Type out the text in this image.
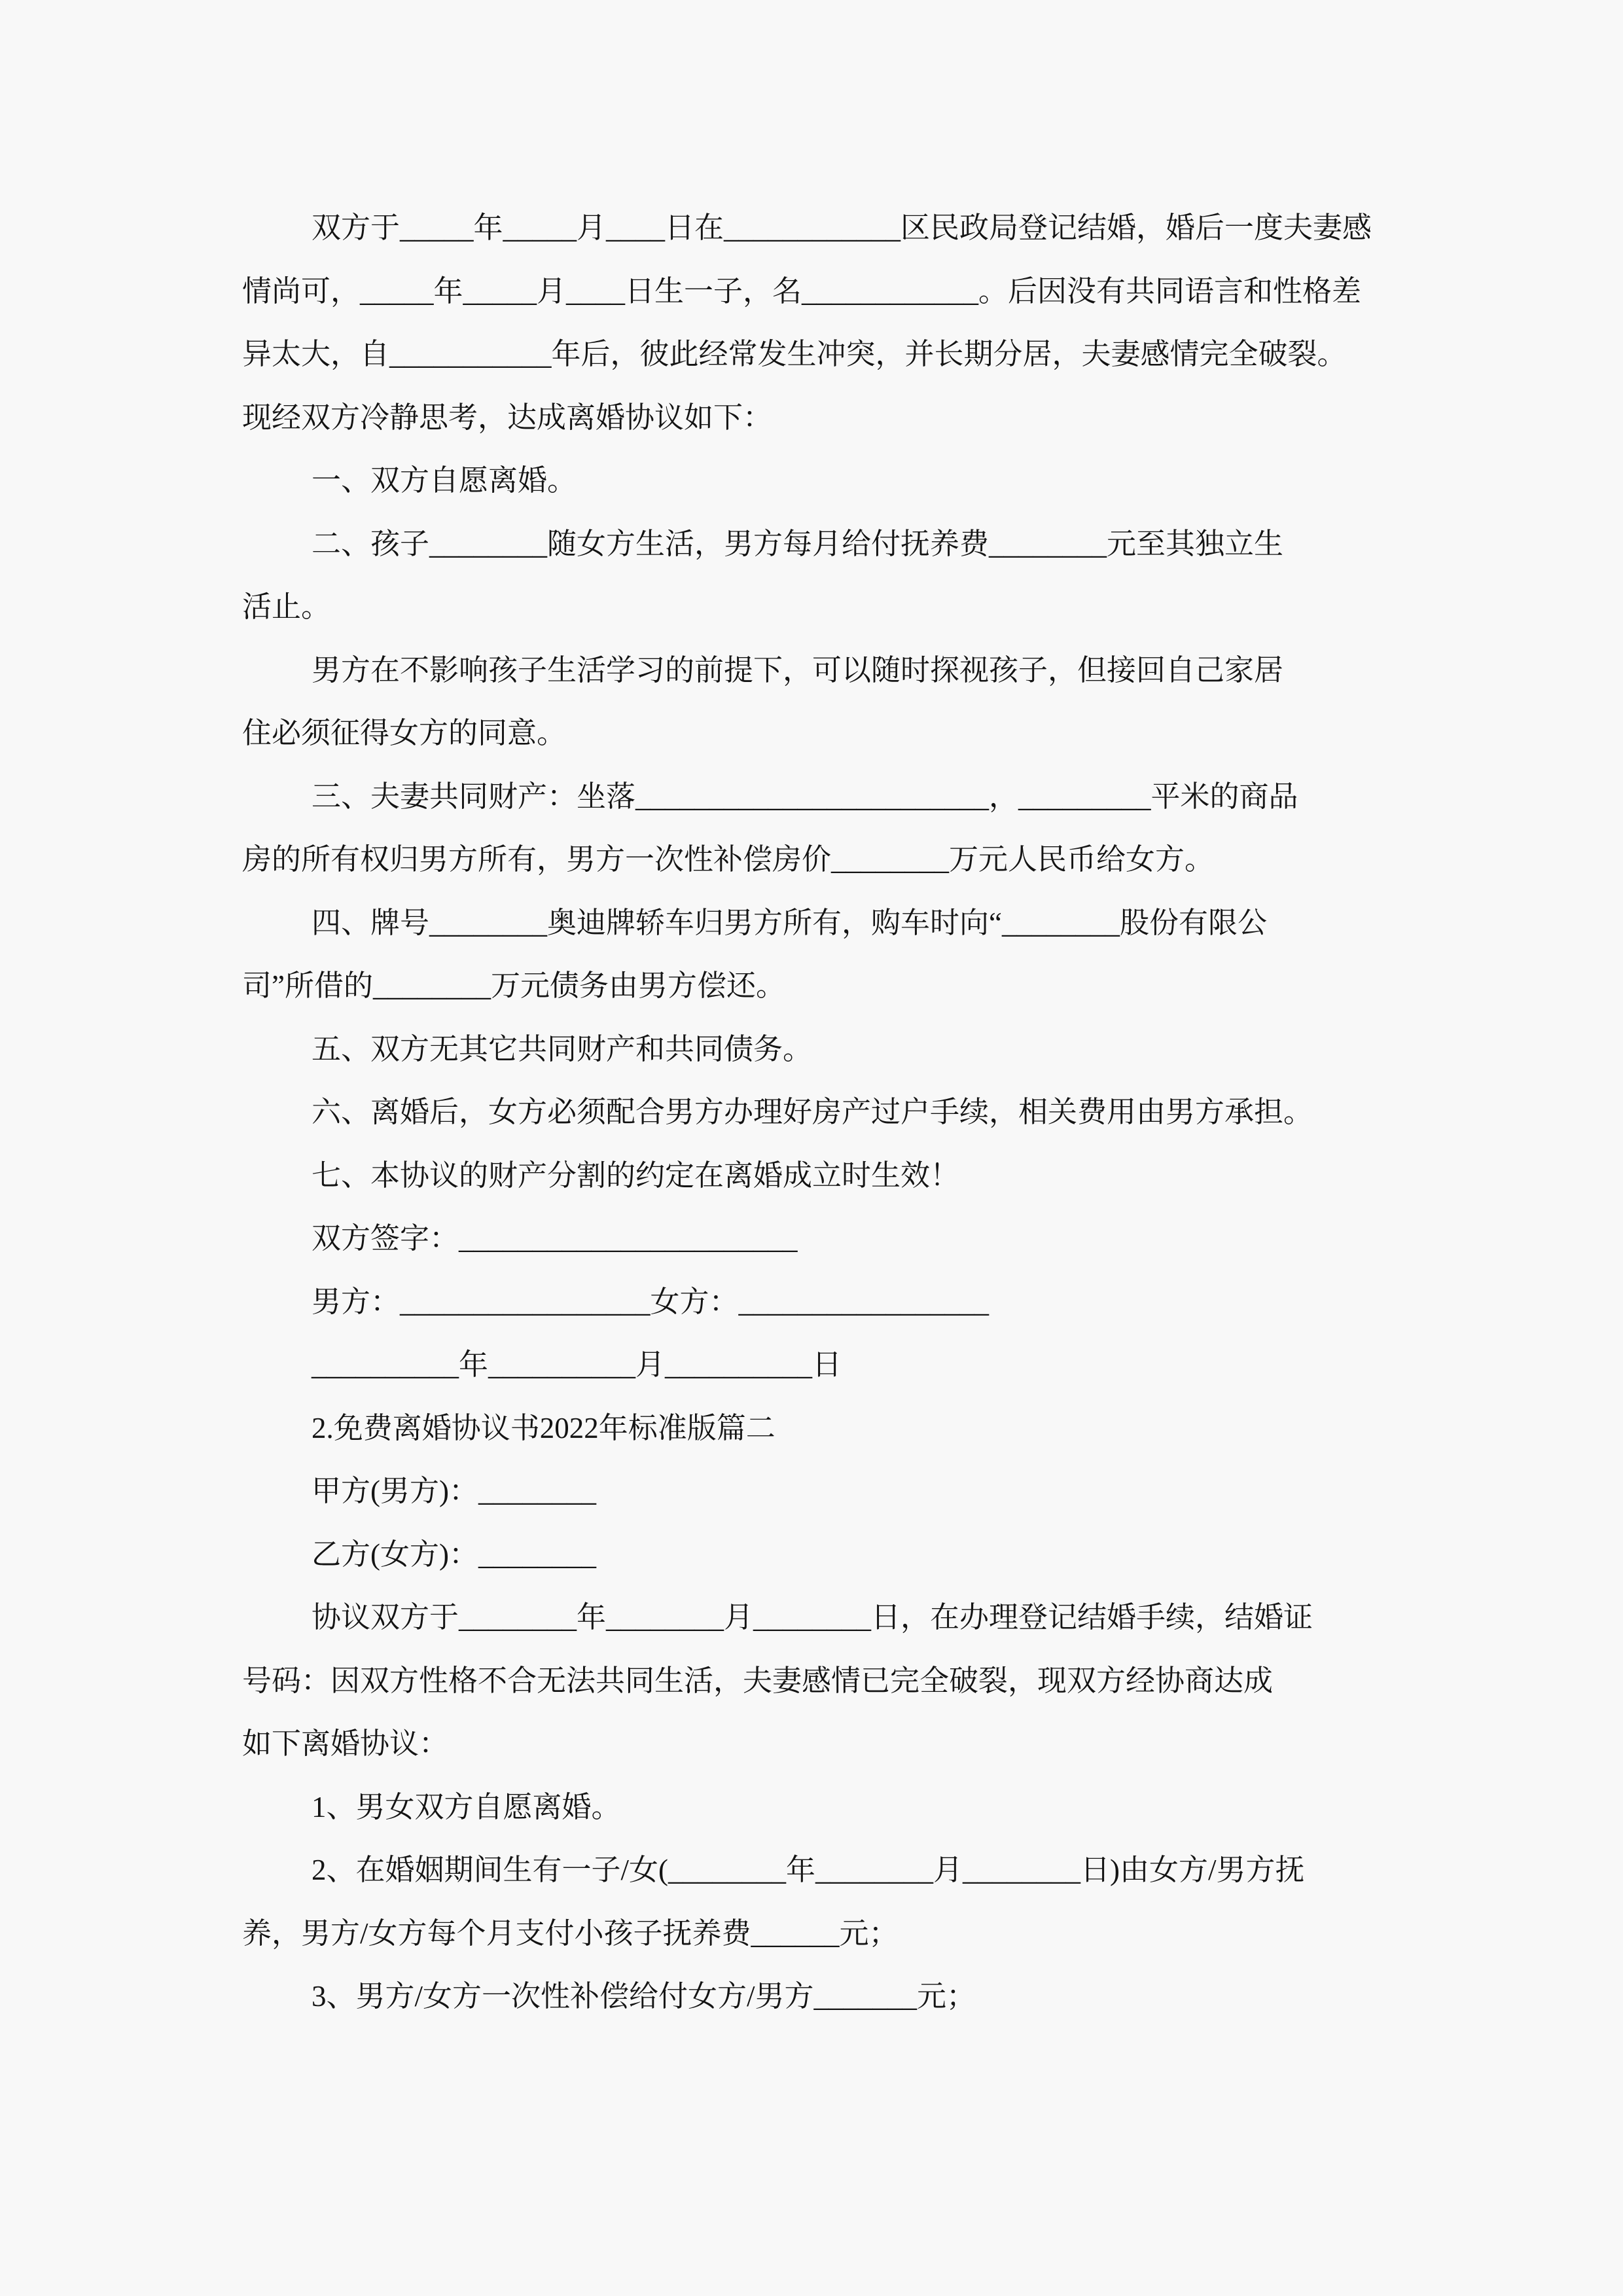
双方于_____年_____月____日在____________区民政局登记结婚，婚后一度夫妻感
情尚可，_____年_____月____日生一子，名____________。后因没有共同语言和性格差
异太大，自___________年后，彼此经常发生冲突，并长期分居，夫妻感情完全破裂。
现经双方冷静思考，达成离婚协议如下：
一、双方自愿离婚。
二、孩子________随女方生活，男方每月给付抚养费________元至其独立生
活止。
男方在不影响孩子生活学习的前提下，可以随时探视孩子，但接回自己家居
住必须征得女方的同意。
三、夫妻共同财产：坐落________________________，_________平米的商品
房的所有权归男方所有，男方一次性补偿房价________万元人民币给女方。
四、牌号________奥迪牌轿车归男方所有，购车时向“________股份有限公
司”所借的________万元债务由男方偿还。
五、双方无其它共同财产和共同债务。
六、离婚后，女方必须配合男方办理好房产过户手续，相关费用由男方承担。
七、本协议的财产分割的约定在离婚成立时生效！
双方签字：_______________________
男方：_________________女方：_________________
__________年__________月__________日
2.免费离婚协议书2022年标准版篇二
甲方(男方)：________
乙方(女方)：________
协议双方于________年________月________日，在办理登记结婚手续，结婚证
号码：因双方性格不合无法共同生活，夫妻感情已完全破裂，现双方经协商达成
如下离婚协议：
1、男女双方自愿离婚。
2、在婚姻期间生有一子/女(________年________月________日)由女方/男方抚
养，男方/女方每个月支付小孩子抚养费______元；
3、男方/女方一次性补偿给付女方/男方_______元；
